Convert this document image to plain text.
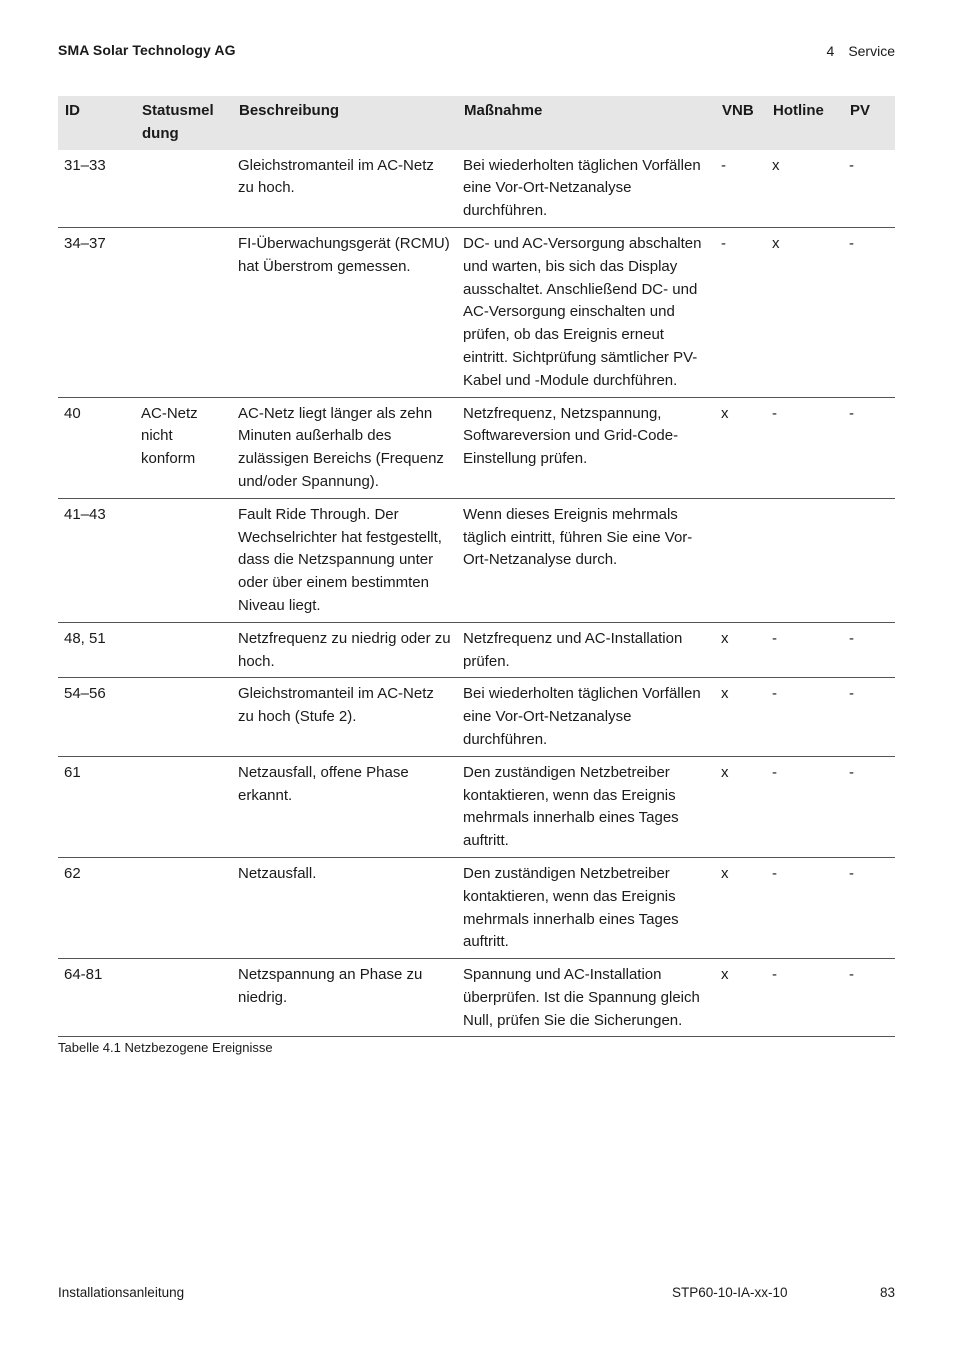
SMA Solar Technology AG	4 Service
ID	Statusmel dung	Beschreibung	Maßnahme	VNB	Hotline	PV
31–33		Gleichstromanteil im AC-Netz zu hoch.	Bei wiederholten täglichen Vorfällen eine Vor-Ort-Netzanalyse durchführen.	-	x	-
34–37		FI-Überwachungsgerät (RCMU) hat Überstrom gemessen.	DC- und AC-Versorgung abschalten und warten, bis sich das Display ausschaltet. Anschließend DC- und AC-Versorgung einschalten und prüfen, ob das Ereignis erneut eintritt. Sichtprüfung sämtlicher PV-Kabel und -Module durchführen.	-	x	-
40	AC-Netz nicht konform	AC-Netz liegt länger als zehn Minuten außerhalb des zulässigen Bereichs (Frequenz und/oder Spannung).	Netzfrequenz, Netzspannung, Softwareversion und Grid-Code-Einstellung prüfen.	x	-	-
41–43		Fault Ride Through. Der Wechselrichter hat festgestellt, dass die Netzspannung unter oder über einem bestimmten Niveau liegt.	Wenn dieses Ereignis mehrmals täglich eintritt, führen Sie eine Vor-Ort-Netzanalyse durch.			
48, 51		Netzfrequenz zu niedrig oder zu hoch.	Netzfrequenz und AC-Installation prüfen.	x	-	-
54–56		Gleichstromanteil im AC-Netz zu hoch (Stufe 2).	Bei wiederholten täglichen Vorfällen eine Vor-Ort-Netzanalyse durchführen.	x	-	-
61		Netzausfall, offene Phase erkannt.	Den zuständigen Netzbetreiber kontaktieren, wenn das Ereignis mehrmals innerhalb eines Tages auftritt.	x	-	-
62		Netzausfall.	Den zuständigen Netzbetreiber kontaktieren, wenn das Ereignis mehrmals innerhalb eines Tages auftritt.	x	-	-
64-81		Netzspannung an Phase zu niedrig.	Spannung und AC-Installation überprüfen. Ist die Spannung gleich Null, prüfen Sie die Sicherungen.	x	-	-
Tabelle 4.1 Netzbezogene Ereignisse
Installationsanleitung	STP60-10-IA-xx-10	83
